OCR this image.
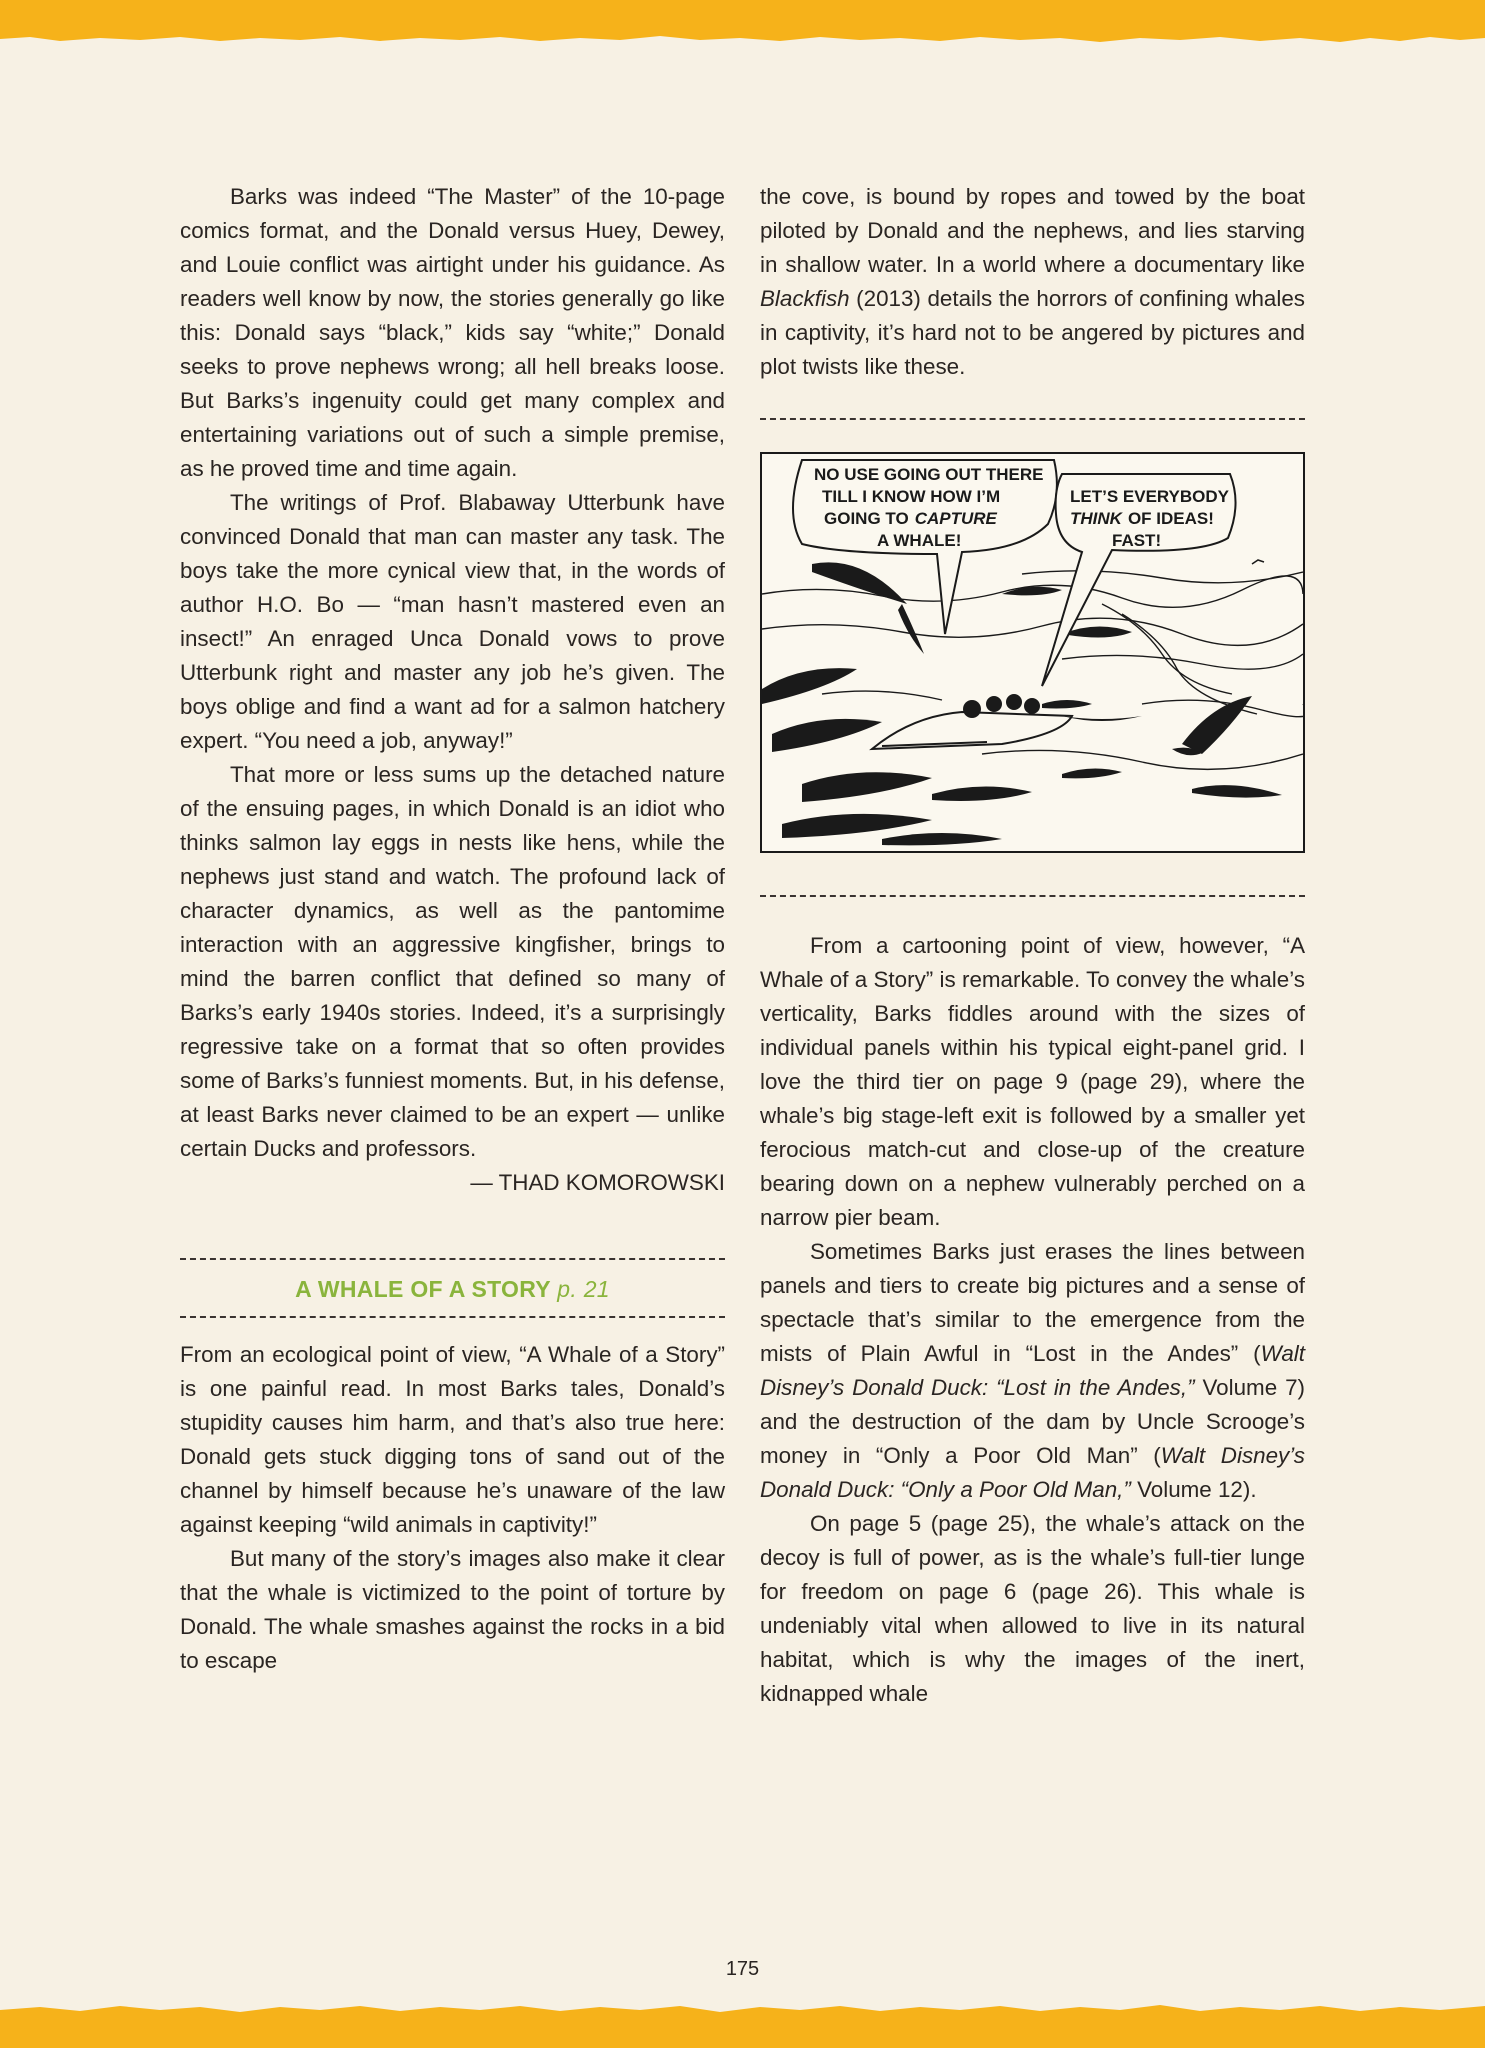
Barks was indeed “The Master” of the 10-page comics format, and the Donald versus Huey, Dewey, and Louie conflict was airtight under his guidance. As readers well know by now, the stories generally go like this: Donald says “black,” kids say “white;” Donald seeks to prove nephews wrong; all hell breaks loose. But Barks’s ingenuity could get many complex and entertaining variations out of such a simple premise, as he proved time and time again.

The writings of Prof. Blabaway Utterbunk have convinced Donald that man can master any task. The boys take the more cynical view that, in the words of author H.O. Bo — “man hasn’t mastered even an insect!” An enraged Unca Donald vows to prove Utterbunk right and master any job he’s given. The boys oblige and find a want ad for a salmon hatchery expert. “You need a job, anyway!”

That more or less sums up the detached nature of the ensuing pages, in which Donald is an idiot who thinks salmon lay eggs in nests like hens, while the nephews just stand and watch. The profound lack of character dynamics, as well as the pantomime interaction with an aggressive kingfisher, brings to mind the barren conflict that defined so many of Barks’s early 1940s stories. Indeed, it’s a surprisingly regressive take on a format that so often provides some of Barks’s funniest moments. But, in his defense, at least Barks never claimed to be an expert — unlike certain Ducks and professors.

— THAD KOMOROWSKI
A WHALE OF A STORY p. 21

From an ecological point of view, “A Whale of a Story” is one painful read. In most Barks tales, Donald’s stupidity causes him harm, and that’s also true here: Donald gets stuck digging tons of sand out of the channel by himself because he’s unaware of the law against keeping “wild animals in captivity!”

But many of the story’s images also make it clear that the whale is victimized to the point of torture by Donald. The whale smashes against the rocks in a bid to escape

the cove, is bound by ropes and towed by the boat piloted by Donald and the nephews, and lies starving in shallow water. In a world where a documentary like Blackfish (2013) details the horrors of confining whales in captivity, it’s hard not to be angered by pictures and plot twists like these.

NO USE GOING OUT THERE
TILL I KNOW HOW I’M
GOING TO CAPTURE
A WHALE!
LET’S EVERYBODY
THINK OF IDEAS!
FAST!

From a cartooning point of view, however, “A Whale of a Story” is remarkable. To convey the whale’s verticality, Barks fiddles around with the sizes of individual panels within his typical eight-panel grid. I love the third tier on page 9 (page 29), where the whale’s big stage-left exit is followed by a smaller yet ferocious match-cut and close-up of the creature bearing down on a nephew vulnerably perched on a narrow pier beam.

Sometimes Barks just erases the lines between panels and tiers to create big pictures and a sense of spectacle that’s similar to the emergence from the mists of Plain Awful in “Lost in the Andes” (Walt Disney’s Donald Duck: “Lost in the Andes,” Volume 7) and the destruction of the dam by Uncle Scrooge’s money in “Only a Poor Old Man” (Walt Disney’s Donald Duck: “Only a Poor Old Man,” Volume 12).

On page 5 (page 25), the whale’s attack on the decoy is full of power, as is the whale’s full-tier lunge for freedom on page 6 (page 26). This whale is undeniably vital when allowed to live in its natural habitat, which is why the images of the inert, kidnapped whale

175
